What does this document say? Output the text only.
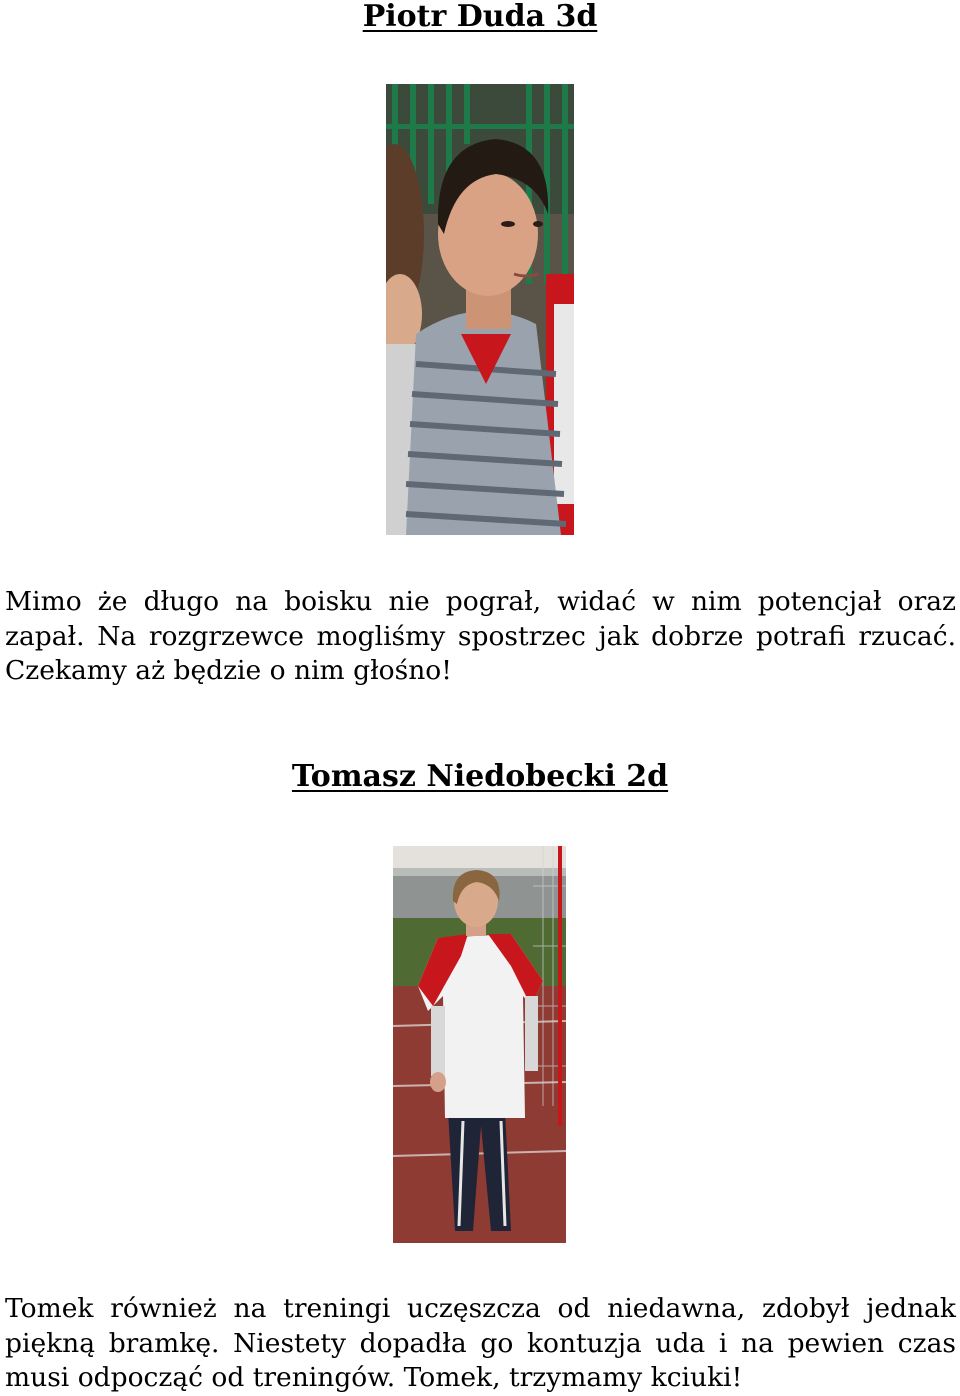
Piotr Duda 3d

Mimo że długo na boisku nie pograł, widać w nim potencjał oraz zapał. Na rozgrzewce mogliśmy spostrzec jak dobrze potrafi rzucać. Czekamy aż będzie o nim głośno!

Tomasz Niedobecki 2d

Tomek również na treningi uczęszcza od niedawna, zdobył jednak piękną bramkę. Niestety dopadła go kontuzja uda i na pewien czas musi odpocząć od treningów. Tomek, trzymamy kciuki!
